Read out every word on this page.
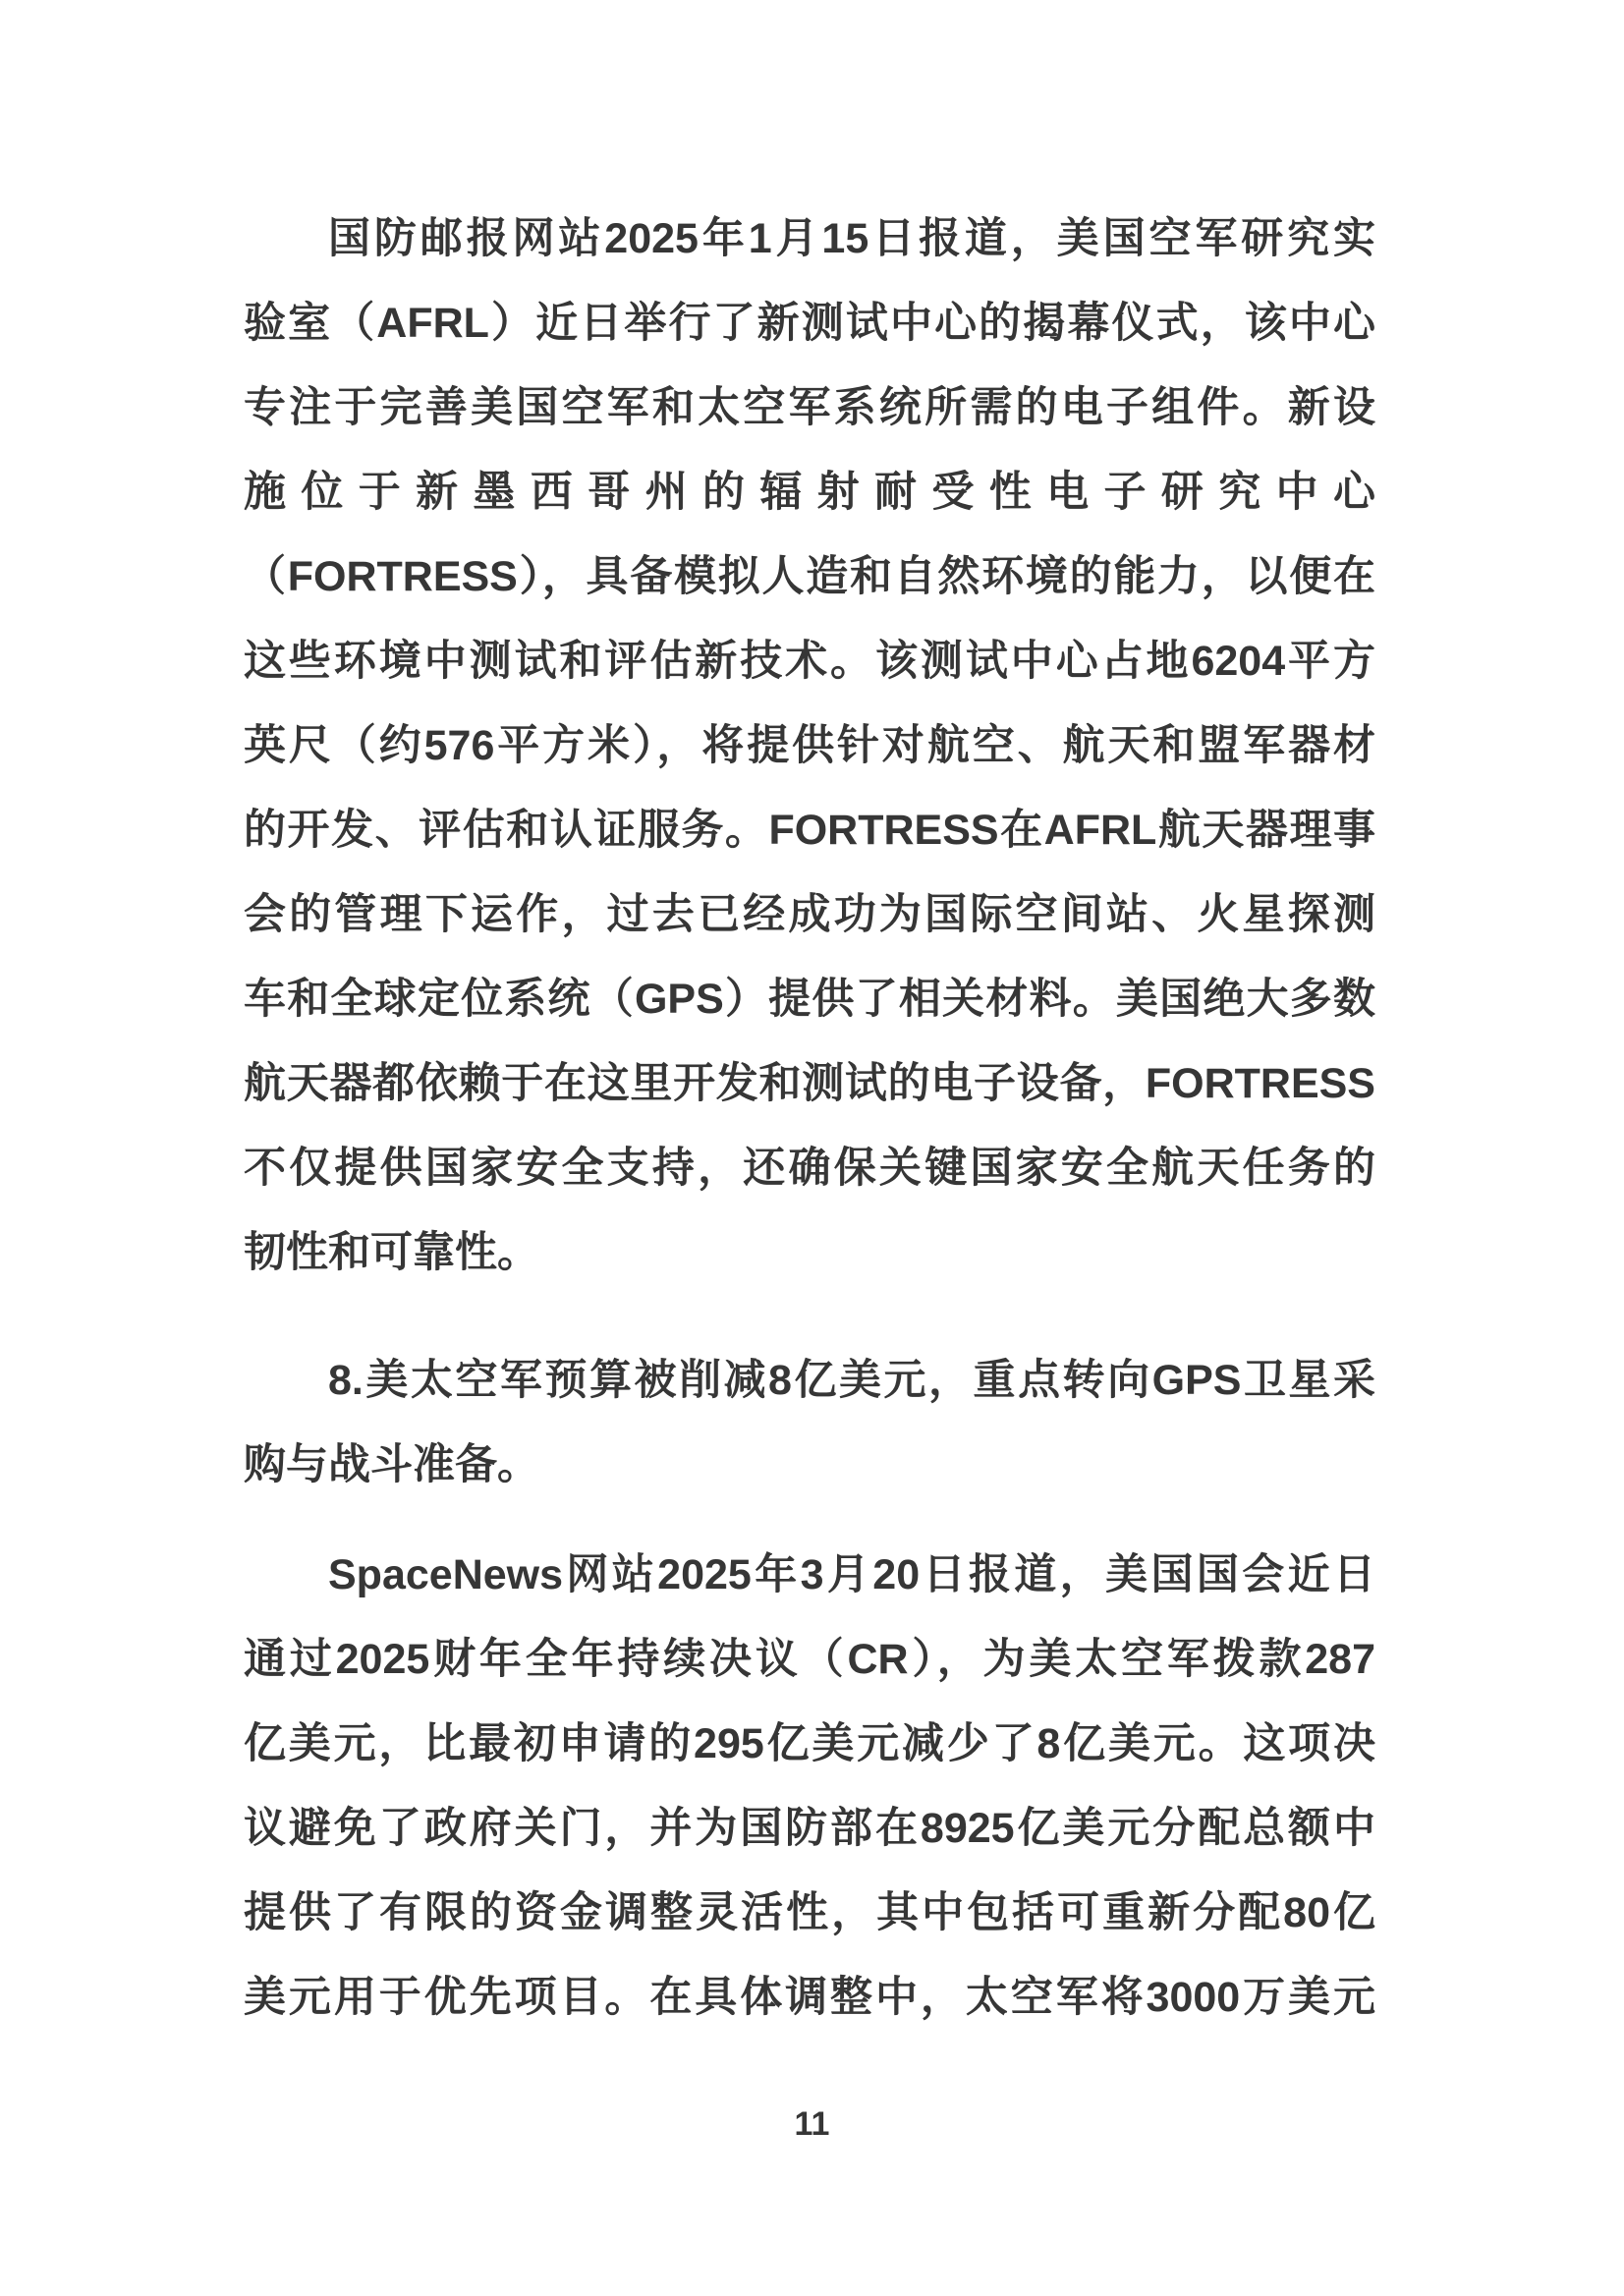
国防邮报网站2025年1月15日报道，美国空军研究实
验室（AFRL）近日举行了新测试中心的揭幕仪式，该中心
专注于完善美国空军和太空军系统所需的电子组件。新设
施位于新墨西哥州的辐射耐受性电子研究中心
（FORTRESS），具备模拟人造和自然环境的能力，以便在
这些环境中测试和评估新技术。该测试中心占地6204平方
英尺（约576平方米），将提供针对航空、航天和盟军器材
的开发、评估和认证服务。FORTRESS在AFRL航天器理事
会的管理下运作，过去已经成功为国际空间站、火星探测
车和全球定位系统（GPS）提供了相关材料。美国绝大多数
航天器都依赖于在这里开发和测试的电子设备，FORTRESS
不仅提供国家安全支持，还确保关键国家安全航天任务的
韧性和可靠性。
8.美太空军预算被削减8亿美元，重点转向GPS卫星采
购与战斗准备。
SpaceNews网站2025年3月20日报道，美国国会近日
通过2025财年全年持续决议（CR），为美太空军拨款287
亿美元，比最初申请的295亿美元减少了8亿美元。这项决
议避免了政府关门，并为国防部在8925亿美元分配总额中
提供了有限的资金调整灵活性，其中包括可重新分配80亿
美元用于优先项目。在具体调整中，太空军将3000万美元
11
